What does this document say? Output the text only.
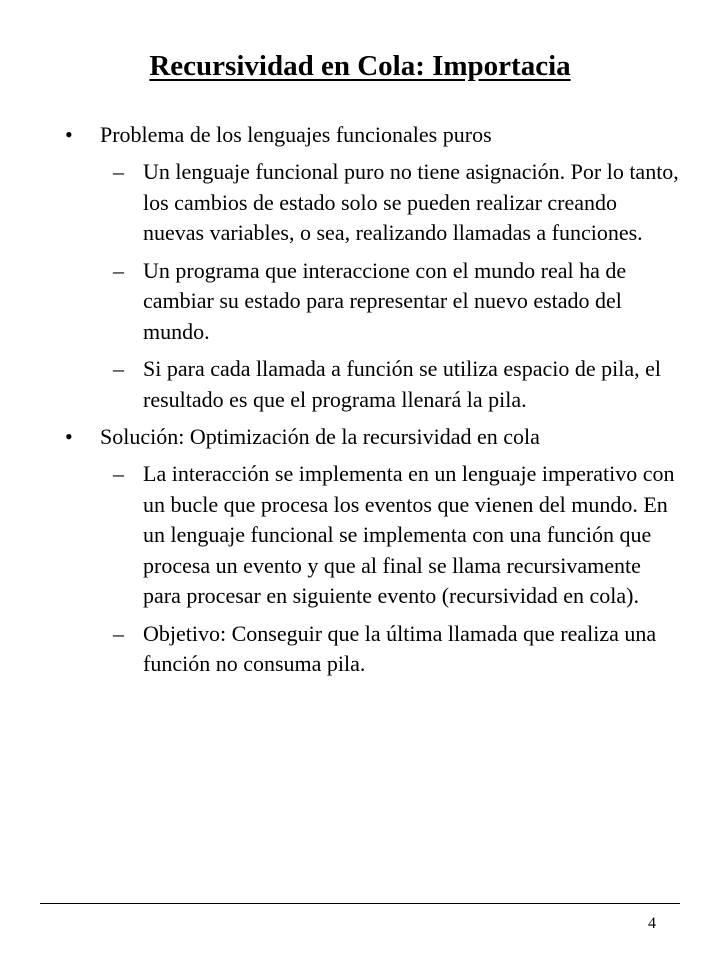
Recursividad en Cola: Importacia
• Problema de los lenguajes funcionales puros
– Un lenguaje funcional puro no tiene asignación. Por lo tanto, los cambios de estado solo se pueden realizar creando nuevas variables, o sea, realizando llamadas a funciones.
– Un programa que interaccione con el mundo real ha de cambiar su estado para representar el nuevo estado del mundo.
– Si para cada llamada a función se utiliza espacio de pila, el resultado es que el programa llenará la pila.
• Solución: Optimización de la recursividad en cola
– La interacción se implementa en un lenguaje imperativo con un bucle que procesa los eventos que vienen del mundo. En un lenguaje funcional se implementa con una función que procesa un evento y que al final se llama recursivamente para procesar en siguiente evento (recursividad en cola).
– Objetivo: Conseguir que la última llamada que realiza una función no consuma pila.
4
